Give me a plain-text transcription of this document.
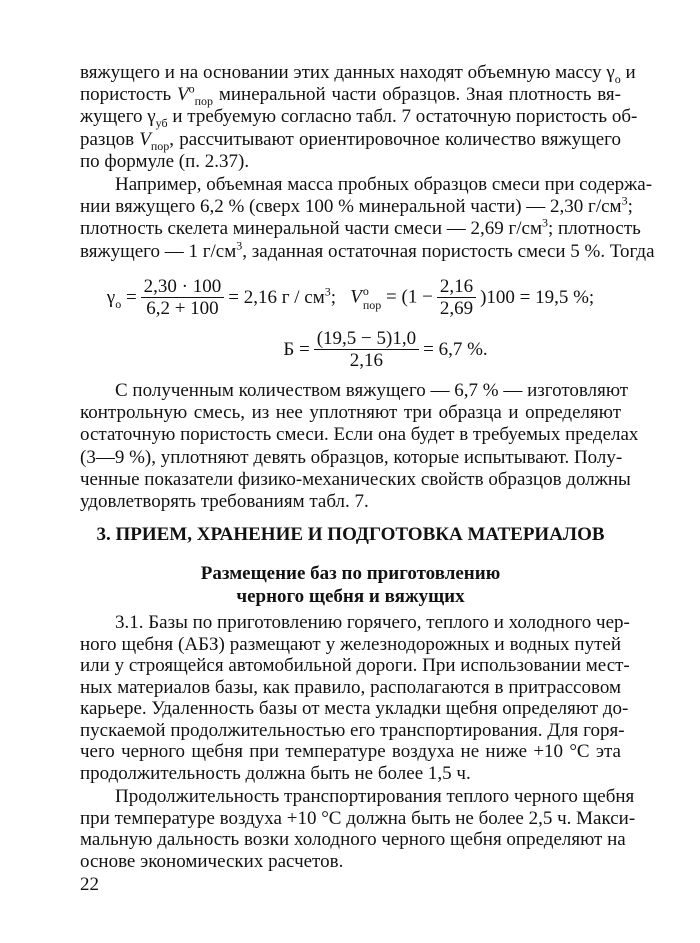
вяжущего и на основании этих данных находят объемную массу $\gamma_о$ и
пористость $V^о_{пор}$ минеральной части образцов. Зная плотность вя-
жущего $\gamma_{уб}$ и требуемую согласно табл. 7 остаточную пористость об-
разцов $V_{пор}$, рассчитывают ориентировочное количество вяжущего
по формуле (п. 2.37).
Например, объемная масса пробных образцов смеси при содержа-
нии вяжущего 6,2 % (сверх 100 % минеральной части) — 2,30 $г/см^3$;
плотность скелета минеральной части смеси — 2,69 $г/см^3$; плотность
вяжущего — 1 $г/см^3$, заданная остаточная пористость смеси 5 %. Тогда
С полученным количеством вяжущего — 6,7 % — изготовляют
контрольную смесь, из нее уплотняют три образца и определяют
остаточную пористость смеси. Если она будет в требуемых пределах
(3—9 %), уплотняют девять образцов, которые испытывают. Полу-
ченные показатели физико-механических свойств образцов должны
удовлетворять требованиям табл. 7.
3.1. Базы по приготовлению горячего, теплого и холодного чер-
ного щебня (АБЗ) размещают у железнодорожных и водных путей
или у строящейся автомобильной дороги. При использовании мест-
ных материалов базы, как правило, располагаются в притрассовом
карьере. Удаленность базы от места укладки щебня определяют до-
пускаемой продолжительностью его транспортирования. Для горя-
чего черного щебня при температуре воздуха не ниже +10 °С эта
продолжительность должна быть не более 1,5 ч.
Продолжительность транспортирования теплого черного щебня
при температуре воздуха +10 °С должна быть не более 2,5 ч. Макси-
мальную дальность возки холодного черного щебня определяют на
основе экономических расчетов.
$\gamma_о = \frac{2,30 \cdot 100}{6,2 + 100} = 2,16$ г / $см^3$; V о
пор = $(1 - \frac{2,16}{2,69} )100 = 19,5$ %;
$Б = \frac{(19,5 - 5)1,0}{2,16} = 6,7$ %.
3. ПРИЕМ, ХРАНЕНИЕ И ПОДГОТОВКА МАТЕРИАЛОВ
Размещение баз по приготовлению
черного щебня и вяжущих
22
